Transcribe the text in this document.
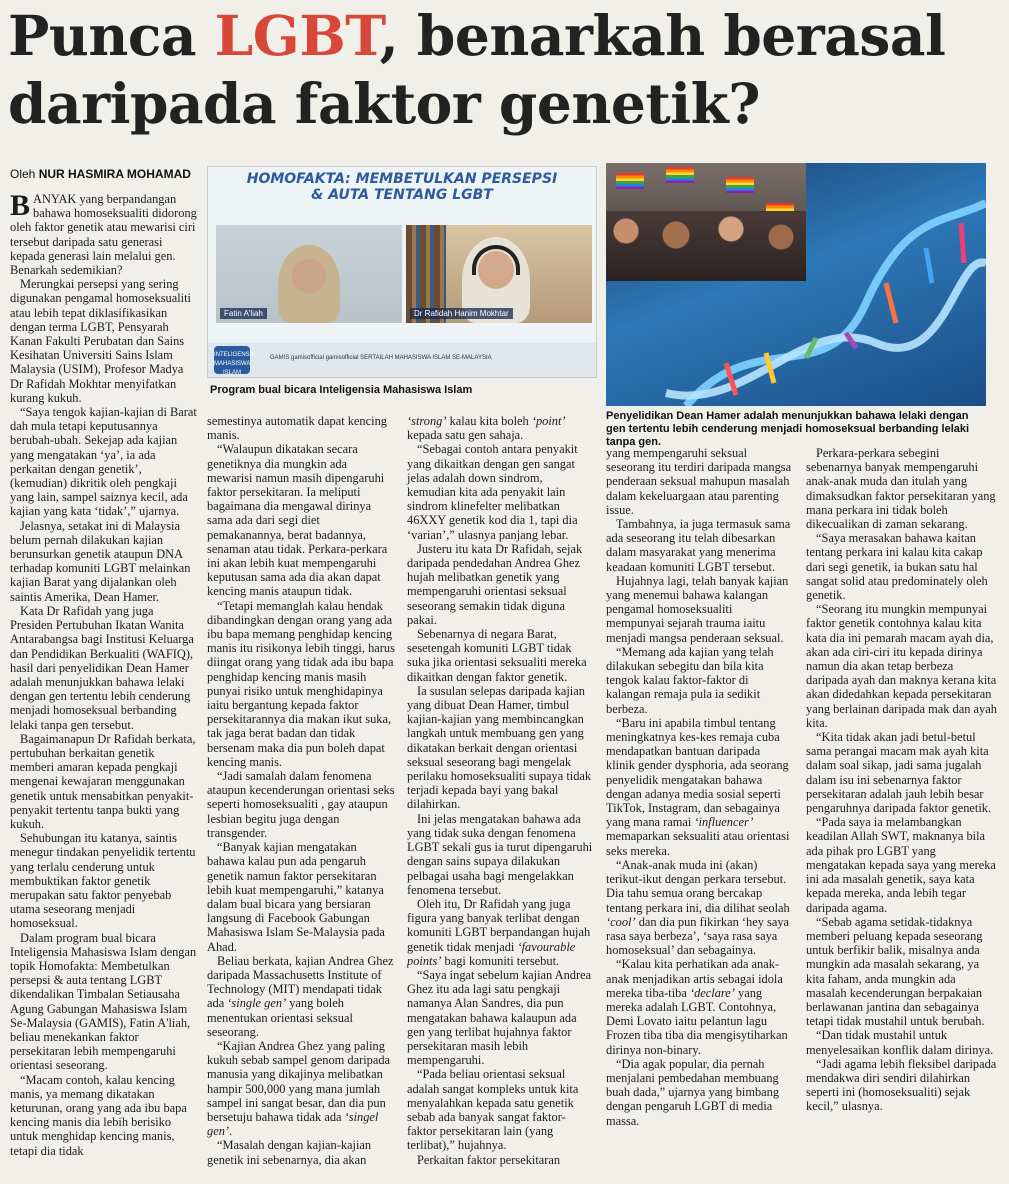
Punca LGBT, benarkah berasal daripada faktor genetik?
Oleh NUR HASMIRA MOHAMAD

BANYAK yang berpandangan bahawa homoseksualiti didorong oleh faktor genetik atau mewarisi ciri tersebut daripada satu generasi kepada generasi lain melalui gen. Benarkah sedemikian?

Merungkai persepsi yang sering digunakan pengamal homoseksualiti atau lebih tepat diklasifikasikan dengan terma LGBT, Pensyarah Kanan Fakulti Perubatan dan Sains Kesihatan Universiti Sains Islam Malaysia (USIM), Profesor Madya Dr Rafidah Mokhtar menyifatkan kurang kukuh.

“Saya tengok kajian-kajian di Barat dah mula tetapi keputusannya berubah-ubah. Sekejap ada kajian yang mengatakan ‘ya’, ia ada perkaitan dengan genetik’, (kemudian) dikritik oleh pengkaji yang lain, sampel saiznya kecil, ada kajian yang kata ‘tidak’,” ujarnya.

Jelasnya, setakat ini di Malaysia belum pernah dilakukan kajian berunsurkan genetik ataupun DNA terhadap komuniti LGBT melainkan kajian Barat yang dijalankan oleh saintis Amerika, Dean Hamer.

Kata Dr Rafidah yang juga Presiden Pertubuhan Ikatan Wanita Antarabangsa bagi Institusi Keluarga dan Pendidikan Berkualiti (WAFIQ), hasil dari penyelidikan Dean Hamer adalah menunjukkan bahawa lelaki dengan gen tertentu lebih cenderung menjadi homoseksual berbanding lelaki tanpa gen tersebut.

Bagaimanapun Dr Rafidah berkata, pertubuhan berkaitan genetik memberi amaran kepada pengkaji mengenai kewajaran menggunakan genetik untuk mensabitkan penyakit-penyakit tertentu tanpa bukti yang kukuh.

Sehubungan itu katanya, saintis menegur tindakan penyelidik tertentu yang terlalu cenderung untuk membuktikan faktor genetik merupakan satu faktor penyebab utama seseorang menjadi homoseksual.

Dalam program bual bicara Inteligensia Mahasiswa Islam dengan topik Homofakta: Membetulkan persepsi & auta tentang LGBT dikendalikan Timbalan Setiausaha Agung Gabungan Mahasiswa Islam Se-Malaysia (GAMIS), Fatin A'liah, beliau menekankan faktor persekitaran lebih mempengaruhi orientasi seseorang.

“Macam contoh, kalau kencing manis, ya memang dikatakan keturunan, orang yang ada ibu bapa kencing manis dia lebih berisiko untuk menghidap kencing manis, tetapi dia tidak

HOMOFAKTA: MEMBETULKAN PERSEPSI
& AUTA TENTANG LGBT
Fatin A'liah	Dr Rafidah Hanim Mokhtar
INTELIGENSIA MAHASISWA ISLAM
GAMIS gamisofficial gamisofficial SERTAILAH MAHASISWA ISLAM SE-MALAYSIA
Program bual bicara Inteligensia Mahasiswa Islam
Penyelidikan Dean Hamer adalah menunjukkan bahawa lelaki dengan gen tertentu lebih cenderung menjadi homoseksual berbanding lelaki tanpa gen.

semestinya automatik dapat kencing manis.

“Walaupun dikatakan secara genetiknya dia mungkin ada mewarisi namun masih dipengaruhi faktor persekitaran. Ia meliputi bagaimana dia mengawal dirinya sama ada dari segi diet pemakanannya, berat badannya, senaman atau tidak. Perkara-perkara ini akan lebih kuat mempengaruhi keputusan sama ada dia akan dapat kencing manis ataupun tidak.

“Tetapi memanglah kalau hendak dibandingkan dengan orang yang ada ibu bapa memang penghidap kencing manis itu risikonya lebih tinggi, harus diingat orang yang tidak ada ibu bapa penghidap kencing manis masih punyai risiko untuk menghidapinya iaitu bergantung kepada faktor persekitarannya dia makan ikut suka, tak jaga berat badan dan tidak bersenam maka dia pun boleh dapat kencing manis.

“Jadi samalah dalam fenomena ataupun kecenderungan orientasi seks seperti homoseksualiti , gay ataupun lesbian begitu juga dengan transgender.

“Banyak kajian mengatakan bahawa kalau pun ada pengaruh genetik namun faktor persekitaran lebih kuat mempengaruhi,” katanya dalam bual bicara yang bersiaran langsung di Facebook Gabungan Mahasiswa Islam Se-Malaysia pada Ahad.

Beliau berkata, kajian Andrea Ghez daripada Massachusetts Institute of Technology (MIT) mendapati tidak ada ‘single gen’ yang boleh menentukan orientasi seksual seseorang.

“Kajian Andrea Ghez yang paling kukuh sebab sampel genom daripada manusia yang dikajinya melibatkan hampir 500,000 yang mana jumlah sampel ini sangat besar, dan dia pun bersetuju bahawa tidak ada ‘singel gen’.

“Masalah dengan kajian-kajian genetik ini sebenarnya, dia akan

‘strong’ kalau kita boleh ‘point’ kepada satu gen sahaja.

“Sebagai contoh antara penyakit yang dikaitkan dengan gen sangat jelas adalah down sindrom, kemudian kita ada penyakit lain sindrom klinefelter melibatkan 46XXY genetik kod dia 1, tapi dia ‘varian’,” ulasnya panjang lebar.

Justeru itu kata Dr Rafidah, sejak daripada pendedahan Andrea Ghez hujah melibatkan genetik yang mempengaruhi orientasi seksual seseorang semakin tidak diguna pakai.

Sebenarnya di negara Barat, sesetengah komuniti LGBT tidak suka jika orientasi seksualiti mereka dikaitkan dengan faktor genetik.

Ia susulan selepas daripada kajian yang dibuat Dean Hamer, timbul kajian-kajian yang membincangkan langkah untuk membuang gen yang dikatakan berkait dengan orientasi seksual seseorang bagi mengelak perilaku homoseksualiti supaya tidak terjadi kepada bayi yang bakal dilahirkan.

Ini jelas mengatakan bahawa ada yang tidak suka dengan fenomena LGBT sekali gus ia turut dipengaruhi dengan sains supaya dilakukan pelbagai usaha bagi mengelakkan fenomena tersebut.

Oleh itu, Dr Rafidah yang juga figura yang banyak terlibat dengan komuniti LGBT berpandangan hujah genetik tidak menjadi ‘favourable points’ bagi komuniti tersebut.

“Saya ingat sebelum kajian Andrea Ghez itu ada lagi satu pengkaji namanya Alan Sandres, dia pun mengatakan bahawa kalaupun ada gen yang terlibat hujahnya faktor persekitaran masih lebih mempengaruhi.

“Pada beliau orientasi seksual adalah sangat kompleks untuk kita menyalahkan kepada satu genetik sebab ada banyak sangat faktor-faktor persekitaran lain (yang terlibat),” hujahnya.

Perkaitan faktor persekitaran

yang mempengaruhi seksual seseorang itu terdiri daripada mangsa penderaan seksual mahupun masalah dalam kekeluargaan atau parenting issue.

Tambahnya, ia juga termasuk sama ada seseorang itu telah dibesarkan dalam masyarakat yang menerima keadaan komuniti LGBT tersebut.

Hujahnya lagi, telah banyak kajian yang menemui bahawa kalangan pengamal homoseksualiti mempunyai sejarah trauma iaitu menjadi mangsa penderaan seksual.

“Memang ada kajian yang telah dilakukan sebegitu dan bila kita tengok kalau faktor-faktor di kalangan remaja pula ia sedikit berbeza.

“Baru ini apabila timbul tentang meningkatnya kes-kes remaja cuba mendapatkan bantuan daripada klinik gender dysphoria, ada seorang penyelidik mengatakan bahawa dengan adanya media sosial seperti TikTok, Instagram, dan sebagainya yang mana ramai ‘influencer’ memaparkan seksualiti atau orientasi seks mereka.

“Anak-anak muda ini (akan) terikut-ikut dengan perkara tersebut. Dia tahu semua orang bercakap tentang perkara ini, dia dilihat seolah ‘cool’ dan dia pun fikirkan ‘hey saya rasa saya berbeza’, ‘saya rasa saya homoseksual’ dan sebagainya.

“Kalau kita perhatikan ada anak-anak menjadikan artis sebagai idola mereka tiba-tiba ‘declare’ yang mereka adalah LGBT. Contohnya, Demi Lovato iaitu pelantun lagu Frozen tiba tiba dia mengisytiharkan dirinya non-binary.

“Dia agak popular, dia pernah menjalani pembedahan membuang buah dada,” ujarnya yang bimbang dengan pengaruh LGBT di media massa.

Perkara-perkara sebegini sebenarnya banyak mempengaruhi anak-anak muda dan itulah yang dimaksudkan faktor persekitaran yang mana perkara ini tidak boleh dikecualikan di zaman sekarang.

“Saya merasakan bahawa kaitan tentang perkara ini kalau kita cakap dari segi genetik, ia bukan satu hal sangat solid atau predominately oleh genetik.

“Seorang itu mungkin mempunyai faktor genetik contohnya kalau kita kata dia ini pemarah macam ayah dia, akan ada ciri-ciri itu kepada dirinya namun dia akan tetap berbeza daripada ayah dan maknya kerana kita akan didedahkan kepada persekitaran yang berlainan daripada mak dan ayah kita.

“Kita tidak akan jadi betul-betul sama perangai macam mak ayah kita dalam soal sikap, jadi sama jugalah dalam isu ini sebenarnya faktor persekitaran adalah jauh lebih besar pengaruhnya daripada faktor genetik.

“Pada saya ia melambangkan keadilan Allah SWT, maknanya bila ada pihak pro LGBT yang mengatakan kepada saya yang mereka ini ada masalah genetik, saya kata kepada mereka, anda lebih tegar daripada agama.

“Sebab agama setidak-tidaknya memberi peluang kepada seseorang untuk berfikir balik, misalnya anda mungkin ada masalah sekarang, ya kita faham, anda mungkin ada masalah kecenderungan berpakaian berlawanan jantina dan sebagainya tetapi tidak mustahil untuk berubah.

“Dan tidak mustahil untuk menyelesaikan konflik dalam dirinya.

“Jadi agama lebih fleksibel daripada mendakwa diri sendiri dilahirkan seperti ini (homoseksualiti) sejak kecil,” ulasnya.
